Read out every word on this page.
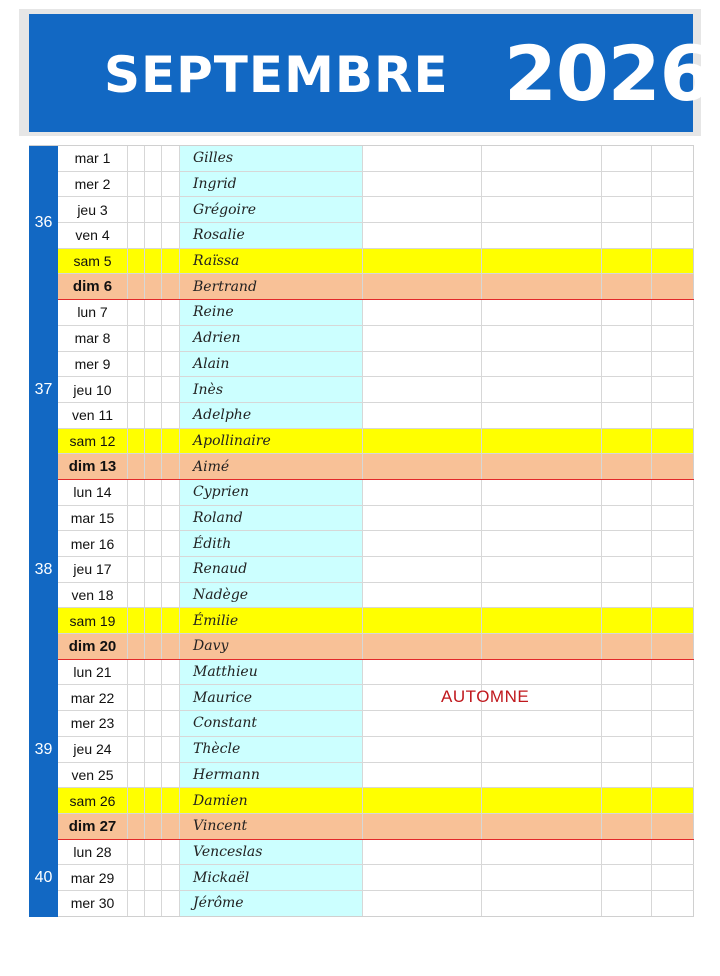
SEPTEMBRE 2026
36
mar 1	Gilles
mer 2	Ingrid
jeu 3	Grégoire
ven 4	Rosalie
sam 5	Raïssa
dim 6	Bertrand
37
lun 7	Reine
mar 8	Adrien
mer 9	Alain
jeu 10	Inès
ven 11	Adelphe
sam 12	Apollinaire
dim 13	Aimé
38
lun 14	Cyprien
mar 15	Roland
mer 16	Édith
jeu 17	Renaud
ven 18	Nadège
sam 19	Émilie
dim 20	Davy
39
lun 21	Matthieu
mar 22	Maurice
mer 23	Constant
jeu 24	Thècle
ven 25	Hermann
sam 26	Damien
dim 27	Vincent
40
lun 28	Venceslas
mar 29	Mickaël
mer 30	Jérôme
AUTOMNE
